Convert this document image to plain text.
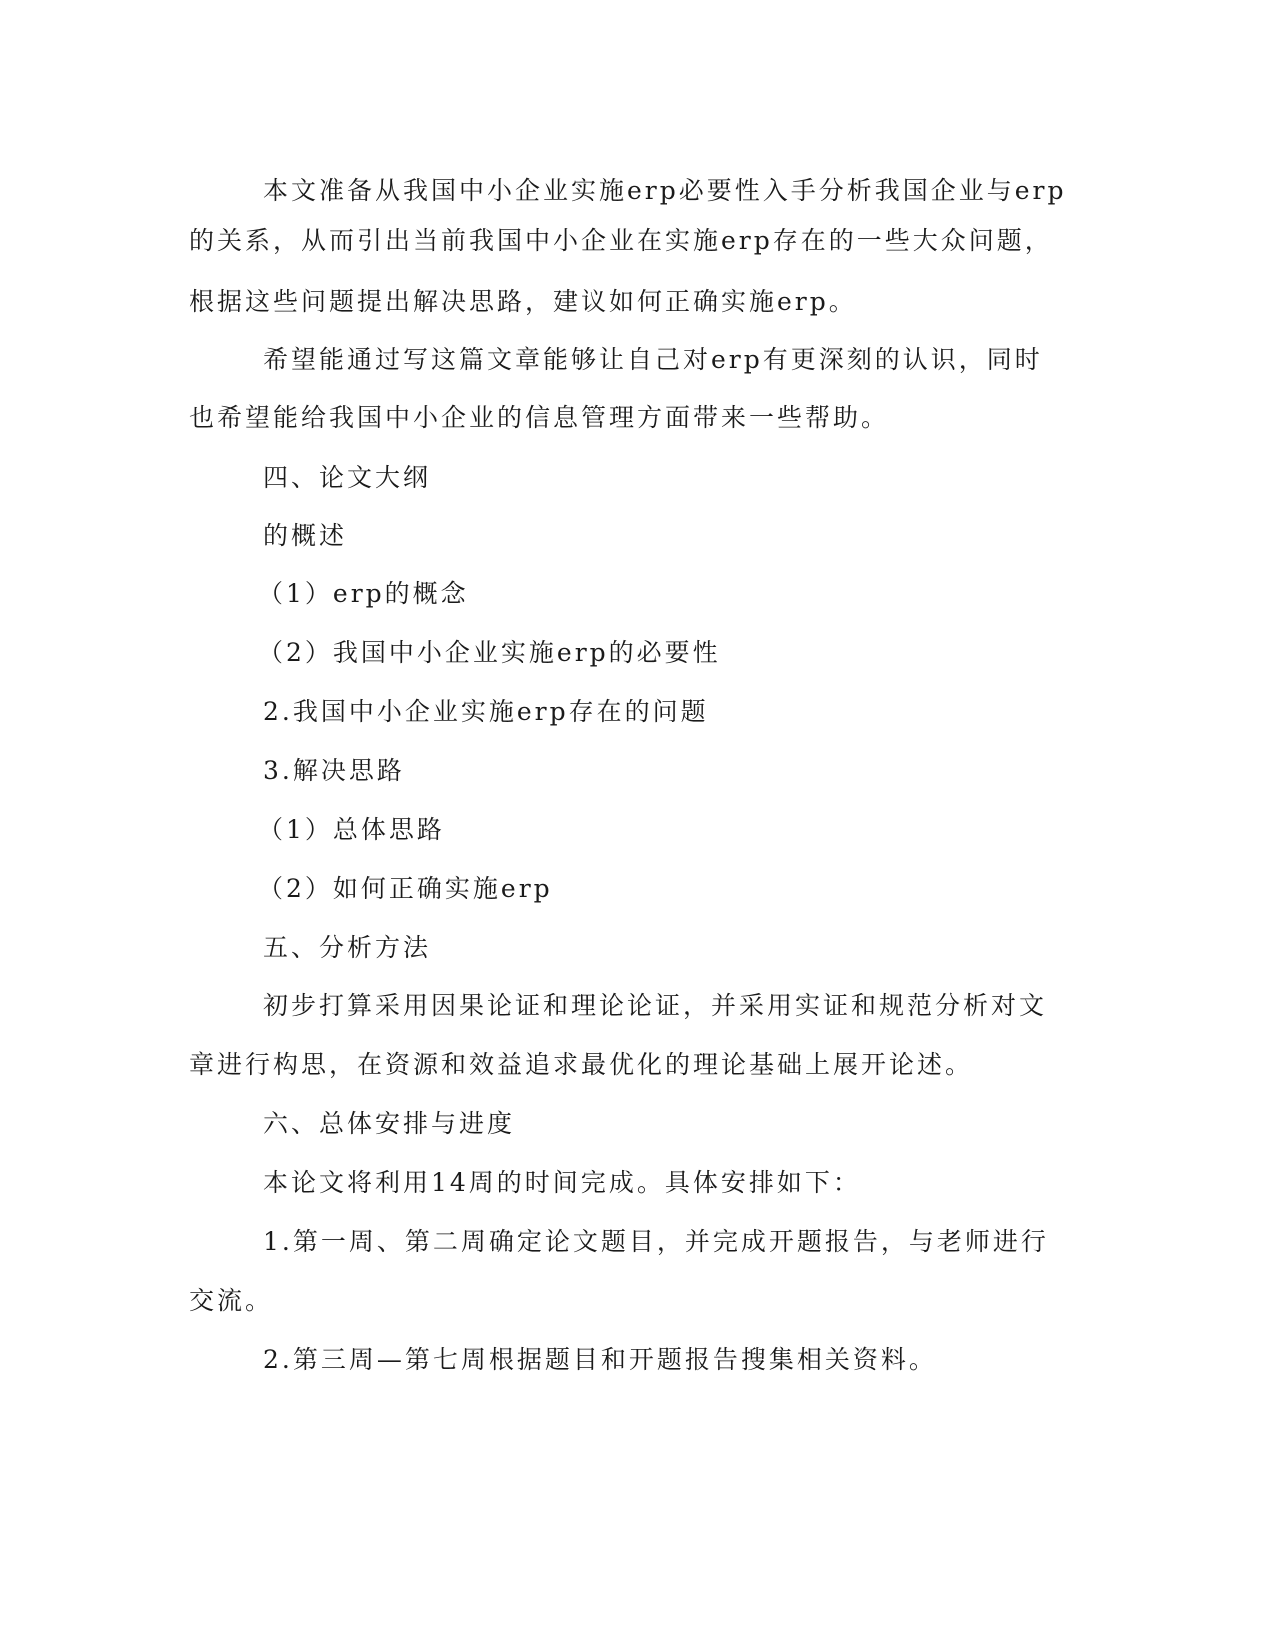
本文准备从我国中小企业实施erp必要性入手分析我国企业与erp
的关系，从而引出当前我国中小企业在实施erp存在的一些大众问题，
根据这些问题提出解决思路，建议如何正确实施erp。
希望能通过写这篇文章能够让自己对erp有更深刻的认识，同时
也希望能给我国中小企业的信息管理方面带来一些帮助。
四、论文大纲
的概述
（1）erp的概念
（2）我国中小企业实施erp的必要性
2.我国中小企业实施erp存在的问题
3.解决思路
（1）总体思路
（2）如何正确实施erp
五、分析方法
初步打算采用因果论证和理论论证，并采用实证和规范分析对文
章进行构思，在资源和效益追求最优化的理论基础上展开论述。
六、总体安排与进度
本论文将利用14周的时间完成。具体安排如下：
1.第一周、第二周确定论文题目，并完成开题报告，与老师进行
交流。
2.第三周—第七周根据题目和开题报告搜集相关资料。
